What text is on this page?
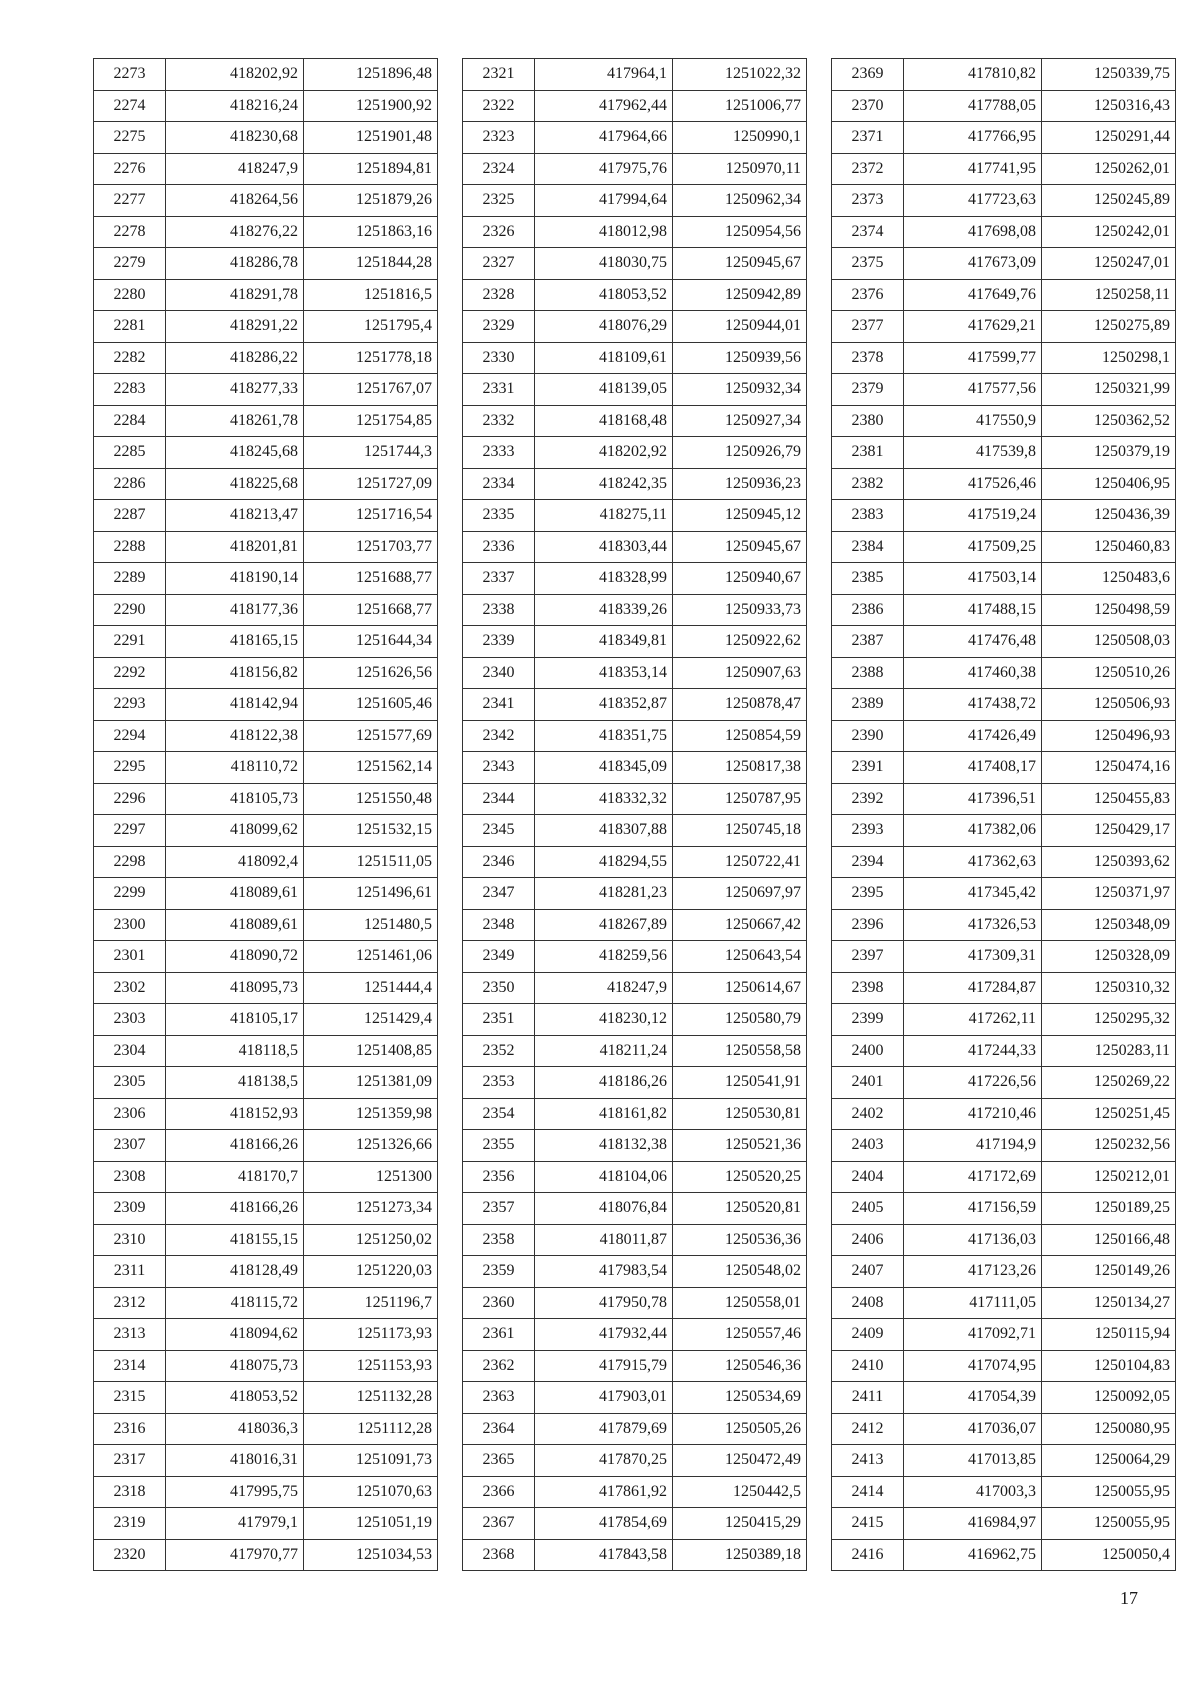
2273	418202,92	1251896,48
2274	418216,24	1251900,92
2275	418230,68	1251901,48
2276	418247,9	1251894,81
2277	418264,56	1251879,26
2278	418276,22	1251863,16
2279	418286,78	1251844,28
2280	418291,78	1251816,5
2281	418291,22	1251795,4
2282	418286,22	1251778,18
2283	418277,33	1251767,07
2284	418261,78	1251754,85
2285	418245,68	1251744,3
2286	418225,68	1251727,09
2287	418213,47	1251716,54
2288	418201,81	1251703,77
2289	418190,14	1251688,77
2290	418177,36	1251668,77
2291	418165,15	1251644,34
2292	418156,82	1251626,56
2293	418142,94	1251605,46
2294	418122,38	1251577,69
2295	418110,72	1251562,14
2296	418105,73	1251550,48
2297	418099,62	1251532,15
2298	418092,4	1251511,05
2299	418089,61	1251496,61
2300	418089,61	1251480,5
2301	418090,72	1251461,06
2302	418095,73	1251444,4
2303	418105,17	1251429,4
2304	418118,5	1251408,85
2305	418138,5	1251381,09
2306	418152,93	1251359,98
2307	418166,26	1251326,66
2308	418170,7	1251300
2309	418166,26	1251273,34
2310	418155,15	1251250,02
2311	418128,49	1251220,03
2312	418115,72	1251196,7
2313	418094,62	1251173,93
2314	418075,73	1251153,93
2315	418053,52	1251132,28
2316	418036,3	1251112,28
2317	418016,31	1251091,73
2318	417995,75	1251070,63
2319	417979,1	1251051,19
2320	417970,77	1251034,53
2321	417964,1	1251022,32
2322	417962,44	1251006,77
2323	417964,66	1250990,1
2324	417975,76	1250970,11
2325	417994,64	1250962,34
2326	418012,98	1250954,56
2327	418030,75	1250945,67
2328	418053,52	1250942,89
2329	418076,29	1250944,01
2330	418109,61	1250939,56
2331	418139,05	1250932,34
2332	418168,48	1250927,34
2333	418202,92	1250926,79
2334	418242,35	1250936,23
2335	418275,11	1250945,12
2336	418303,44	1250945,67
2337	418328,99	1250940,67
2338	418339,26	1250933,73
2339	418349,81	1250922,62
2340	418353,14	1250907,63
2341	418352,87	1250878,47
2342	418351,75	1250854,59
2343	418345,09	1250817,38
2344	418332,32	1250787,95
2345	418307,88	1250745,18
2346	418294,55	1250722,41
2347	418281,23	1250697,97
2348	418267,89	1250667,42
2349	418259,56	1250643,54
2350	418247,9	1250614,67
2351	418230,12	1250580,79
2352	418211,24	1250558,58
2353	418186,26	1250541,91
2354	418161,82	1250530,81
2355	418132,38	1250521,36
2356	418104,06	1250520,25
2357	418076,84	1250520,81
2358	418011,87	1250536,36
2359	417983,54	1250548,02
2360	417950,78	1250558,01
2361	417932,44	1250557,46
2362	417915,79	1250546,36
2363	417903,01	1250534,69
2364	417879,69	1250505,26
2365	417870,25	1250472,49
2366	417861,92	1250442,5
2367	417854,69	1250415,29
2368	417843,58	1250389,18
2369	417810,82	1250339,75
2370	417788,05	1250316,43
2371	417766,95	1250291,44
2372	417741,95	1250262,01
2373	417723,63	1250245,89
2374	417698,08	1250242,01
2375	417673,09	1250247,01
2376	417649,76	1250258,11
2377	417629,21	1250275,89
2378	417599,77	1250298,1
2379	417577,56	1250321,99
2380	417550,9	1250362,52
2381	417539,8	1250379,19
2382	417526,46	1250406,95
2383	417519,24	1250436,39
2384	417509,25	1250460,83
2385	417503,14	1250483,6
2386	417488,15	1250498,59
2387	417476,48	1250508,03
2388	417460,38	1250510,26
2389	417438,72	1250506,93
2390	417426,49	1250496,93
2391	417408,17	1250474,16
2392	417396,51	1250455,83
2393	417382,06	1250429,17
2394	417362,63	1250393,62
2395	417345,42	1250371,97
2396	417326,53	1250348,09
2397	417309,31	1250328,09
2398	417284,87	1250310,32
2399	417262,11	1250295,32
2400	417244,33	1250283,11
2401	417226,56	1250269,22
2402	417210,46	1250251,45
2403	417194,9	1250232,56
2404	417172,69	1250212,01
2405	417156,59	1250189,25
2406	417136,03	1250166,48
2407	417123,26	1250149,26
2408	417111,05	1250134,27
2409	417092,71	1250115,94
2410	417074,95	1250104,83
2411	417054,39	1250092,05
2412	417036,07	1250080,95
2413	417013,85	1250064,29
2414	417003,3	1250055,95
2415	416984,97	1250055,95
2416	416962,75	1250050,4
17
